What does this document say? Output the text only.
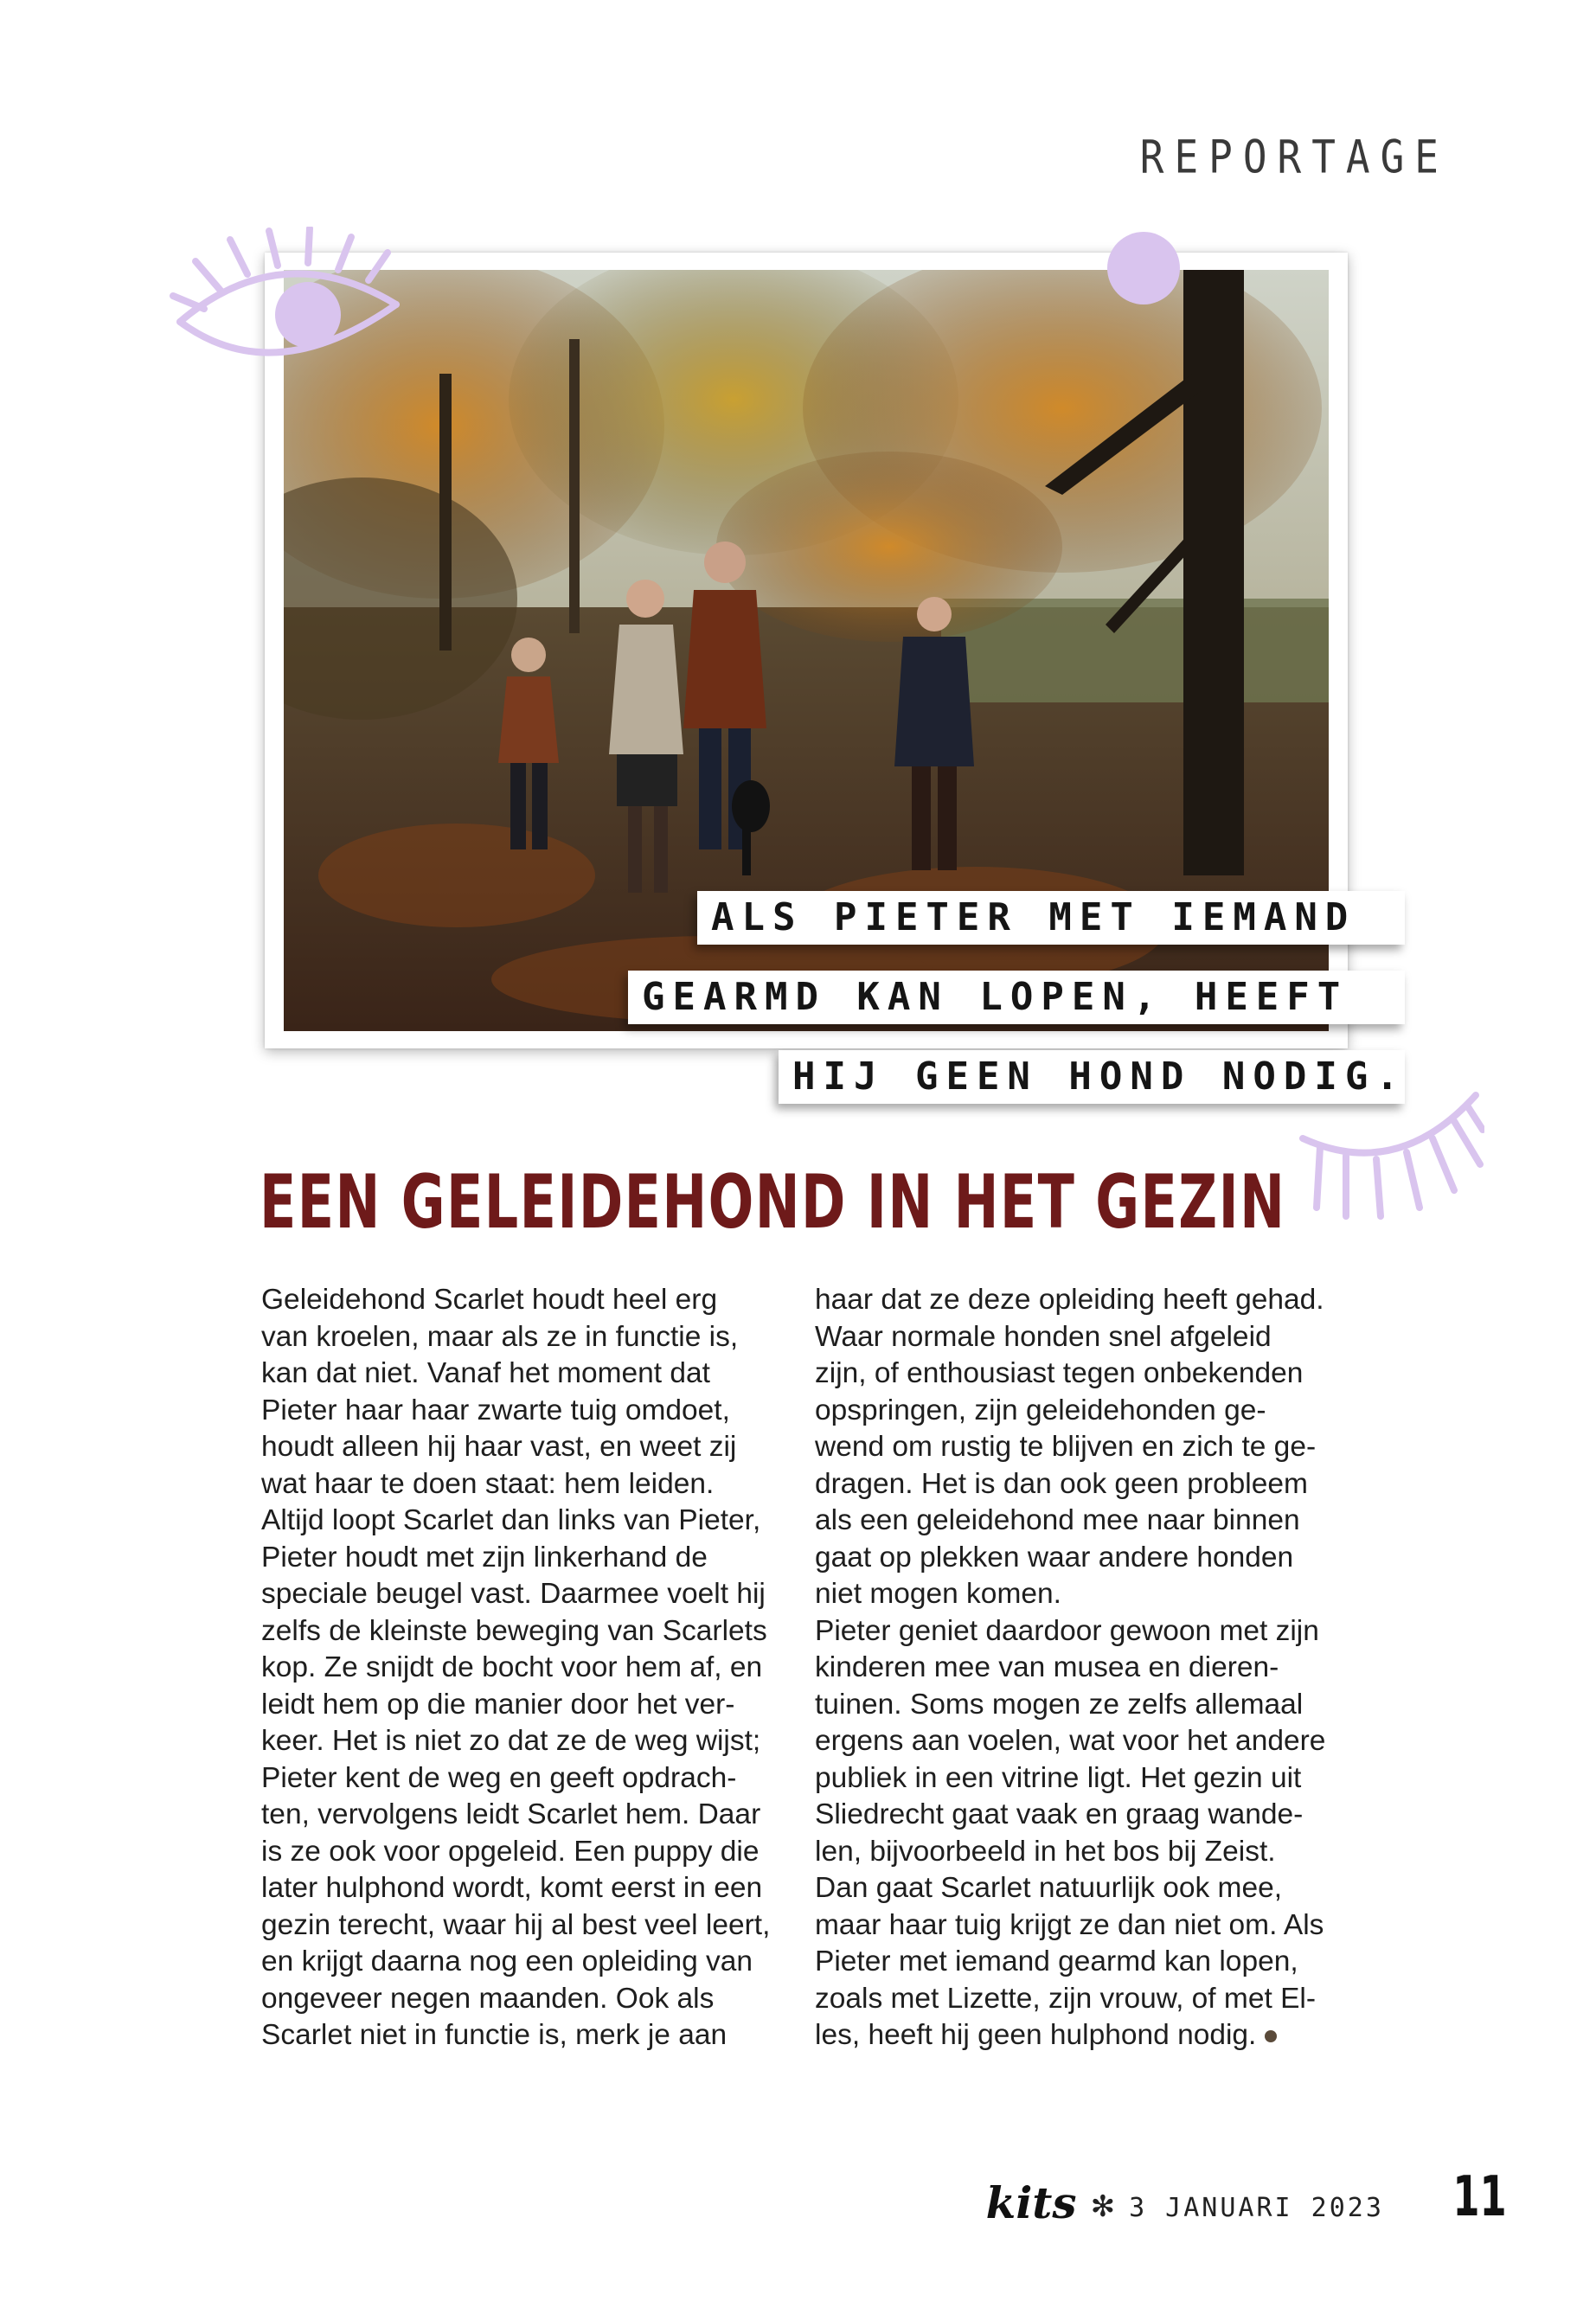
REPORTAGE
ALS PIETER MET IEMAND
GEARMD KAN LOPEN, HEEFT
HIJ GEEN HOND NODIG.
EEN GELEIDEHOND IN HET GEZIN

Geleidehond Scarlet houdt heel erg

van kroelen, maar als ze in functie is,

kan dat niet. Vanaf het moment dat

Pieter haar haar zwarte tuig omdoet,

houdt alleen hij haar vast, en weet zij

wat haar te doen staat: hem leiden.

Altijd loopt Scarlet dan links van Pieter,

Pieter houdt met zijn linkerhand de

speciale beugel vast. Daarmee voelt hij

zelfs de kleinste beweging van Scarlets

kop. Ze snijdt de bocht voor hem af, en

leidt hem op die manier door het ver-

keer. Het is niet zo dat ze de weg wijst;

Pieter kent de weg en geeft opdrach-

ten, vervolgens leidt Scarlet hem. Daar

is ze ook voor opgeleid. Een puppy die

later hulphond wordt, komt eerst in een

gezin terecht, waar hij al best veel leert,

en krijgt daarna nog een opleiding van

ongeveer negen maanden. Ook als

Scarlet niet in functie is, merk je aan

haar dat ze deze opleiding heeft gehad.

Waar normale honden snel afgeleid

zijn, of enthousiast tegen onbekenden

opspringen, zijn geleidehonden ge-

wend om rustig te blijven en zich te ge-

dragen. Het is dan ook geen probleem

als een geleidehond mee naar binnen

gaat op plekken waar andere honden

niet mogen komen.

Pieter geniet daardoor gewoon met zijn

kinderen mee van musea en dieren-

tuinen. Soms mogen ze zelfs allemaal

ergens aan voelen, wat voor het andere

publiek in een vitrine ligt. Het gezin uit

Sliedrecht gaat vaak en graag wande-

len, bijvoorbeeld in het bos bij Zeist.

Dan gaat Scarlet natuurlijk ook mee,

maar haar tuig krijgt ze dan niet om. Als

Pieter met iemand gearmd kan lopen,

zoals met Lizette, zijn vrouw, of met El-

les, heeft hij geen hulphond nodig.

kits ✻ 3 JANUARI 2023 11
